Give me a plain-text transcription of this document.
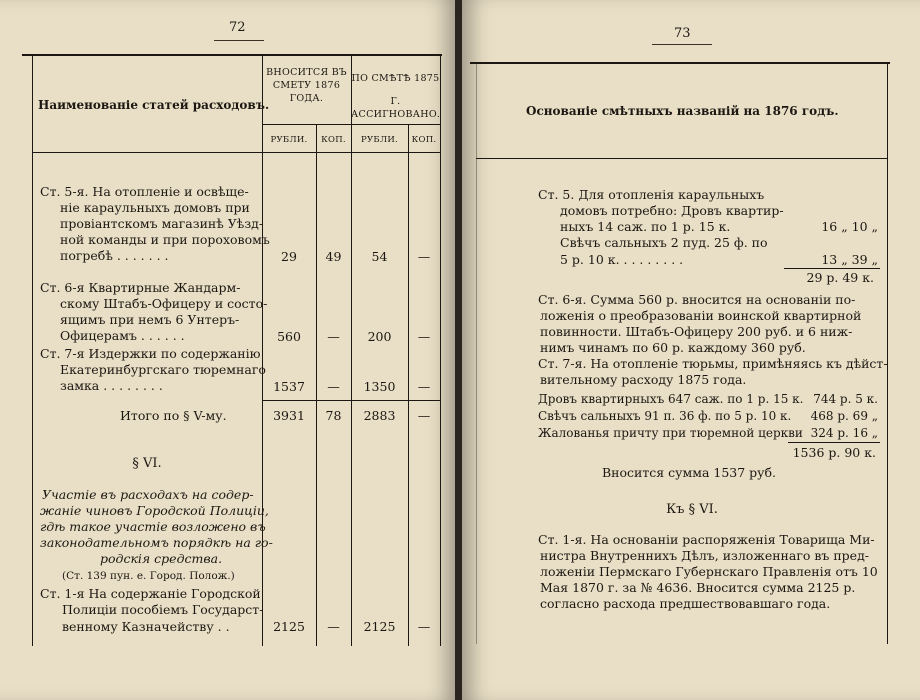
72
Наименованіе статей расходовъ.
ВНОСИТСЯ ВЪ
СМЕТУ 1876
ГОДА.
ПО СМѢТѢ 1875
Г. АССИГНОВАНО.
РУБЛИ.	КОП.	РУБЛИ.	КОП.
Ст. 5-я. На отопленіе и освѣще-
ніе караульныхъ домовъ при
провіантскомъ магазинѣ Уѣзд-
ной команды и при пороховомъ
погребѣ . . . . . . .	29	49	54	—
Ст. 6-я Квартирные Жандарм-
скому Штабъ-Офицеру и состо-
ящимъ при немъ 6 Унтеръ-
Офицерамъ . . . . . .	560	—	200	—
Ст. 7-я Издержки по содержанію
Екатеринбургскаго тюремнаго
замка . . . . . . . .	1537	—	1350	—
Итого по § V-му.	3931	78	2883	—
§ VI.
Участіе въ расходахъ на содер-
жаніе чиновъ Городской Полиціи,
гдѣ такое участіе возложено въ
законодательномъ порядкѣ на го-
родскія средства.
(Ст. 139 пун. е. Город. Полож.)
Ст. 1-я На содержаніе Городской
Полиціи пособіемъ Государст-
венному Казначейству . .	2125	—	2125	—
73
Основаніе смѣтныхъ названій на 1876 годъ.
Ст. 5. Для отопленія караульныхъ
домовъ потребно: Дровъ квартир-
ныхъ 14 саж. по 1 р. 15 к.	16 „ 10 „
Свѣчъ сальныхъ 2 пуд. 25 ф. по
5 р. 10 к. . . . . . . . .	13 „ 39 „
29 р. 49 к.
Ст. 6-я. Сумма 560 р. вносится на основаніи по-
ложенія о преобразованіи воинской квартирной
повинности. Штабъ-Офицеру 200 руб. и 6 ниж-
нимъ чинамъ по 60 р. каждому 360 руб.
Ст. 7-я. На отопленіе тюрьмы, примѣняясь къ дѣйст-
вительному расходу 1875 года.
Дровъ квартирныхъ 647 саж. по 1 р. 15 к. 744 р. 5 к.
Свѣчъ сальныхъ 91 п. 36 ф. по 5 р. 10 к.	468 р. 69 „
Жалованья причту при тюремной церкви 324 р. 16 „
1536 р. 90 к.
Вносится сумма 1537 руб.
Къ § VI.
Ст. 1-я. На основаніи распоряженія Товарища Ми-
нистра Внутреннихъ Дѣлъ, изложеннаго въ пред-
ложеніи Пермскаго Губернскаго Правленія отъ 10
Мая 1870 г. за № 4636. Вносится сумма 2125 р.
согласно расхода предшествовавшаго года.
